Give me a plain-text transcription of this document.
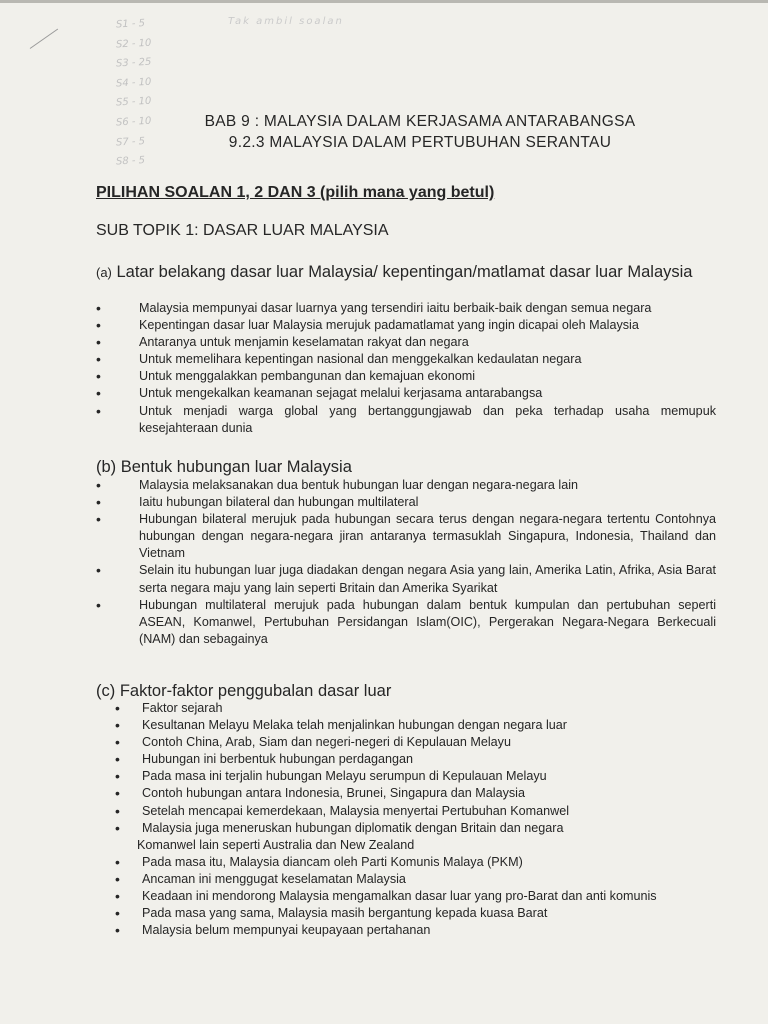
S1 - 5
S2 - 10
S3 - 25
S4 - 10
S5 - 10
S6 - 10
S7 - 5
S8 - 5
Tak ambil soalan
BAB 9 : MALAYSIA DALAM KERJASAMA ANTARABANGSA
9.2.3 MALAYSIA DALAM PERTUBUHAN SERANTAU
PILIHAN SOALAN 1, 2 DAN 3 (pilih mana yang betul)
SUB TOPIK 1: DASAR LUAR MALAYSIA
(a) Latar belakang dasar luar Malaysia/ kepentingan/matlamat dasar luar Malaysia
•	Malaysia mempunyai dasar luarnya yang tersendiri iaitu berbaik-baik dengan semua negara
•	Kepentingan dasar luar Malaysia merujuk padamatlamat yang ingin dicapai oleh Malaysia
•	Antaranya untuk menjamin keselamatan rakyat dan negara
•	Untuk memelihara kepentingan nasional dan menggekalkan kedaulatan negara
•	Untuk menggalakkan pembangunan dan kemajuan ekonomi
•	Untuk mengekalkan keamanan sejagat melalui kerjasama antarabangsa
•	Untuk menjadi warga global yang bertanggungjawab dan peka terhadap usaha memupuk kesejahteraan dunia
(b) Bentuk hubungan luar Malaysia
•	Malaysia melaksanakan dua bentuk hubungan luar dengan negara-negara lain
•	Iaitu hubungan bilateral dan hubungan multilateral
•	Hubungan bilateral merujuk pada hubungan secara terus dengan negara-negara tertentu Contohnya hubungan dengan negara-negara jiran antaranya termasuklah Singapura, Indonesia, Thailand dan Vietnam
•	Selain itu hubungan luar juga diadakan dengan negara Asia yang lain, Amerika Latin, Afrika, Asia Barat serta negara maju yang lain seperti Britain dan Amerika Syarikat
•	Hubungan multilateral merujuk pada hubungan dalam bentuk kumpulan dan pertubuhan seperti ASEAN, Komanwel, Pertubuhan Persidangan Islam(OIC), Pergerakan Negara-Negara Berkecuali (NAM) dan sebagainya
(c) Faktor-faktor penggubalan dasar luar
• Faktor sejarah
• Kesultanan Melayu Melaka telah menjalinkan hubungan dengan negara luar
• Contoh China, Arab, Siam dan negeri-negeri di Kepulauan Melayu
• Hubungan ini berbentuk hubungan perdagangan
• Pada masa ini terjalin hubungan Melayu serumpun di Kepulauan Melayu
• Contoh hubungan antara Indonesia, Brunei, Singapura dan Malaysia
• Setelah mencapai kemerdekaan, Malaysia menyertai Pertubuhan Komanwel
• Malaysia juga meneruskan hubungan diplomatik dengan Britain dan negara
Komanwel lain seperti Australia dan New Zealand
• Pada masa itu, Malaysia diancam oleh Parti Komunis Malaya (PKM)
• Ancaman ini menggugat keselamatan Malaysia
• Keadaan ini mendorong Malaysia mengamalkan dasar luar yang pro-Barat dan anti komunis
• Pada masa yang sama, Malaysia masih bergantung kepada kuasa Barat
• Malaysia belum mempunyai keupayaan pertahanan
